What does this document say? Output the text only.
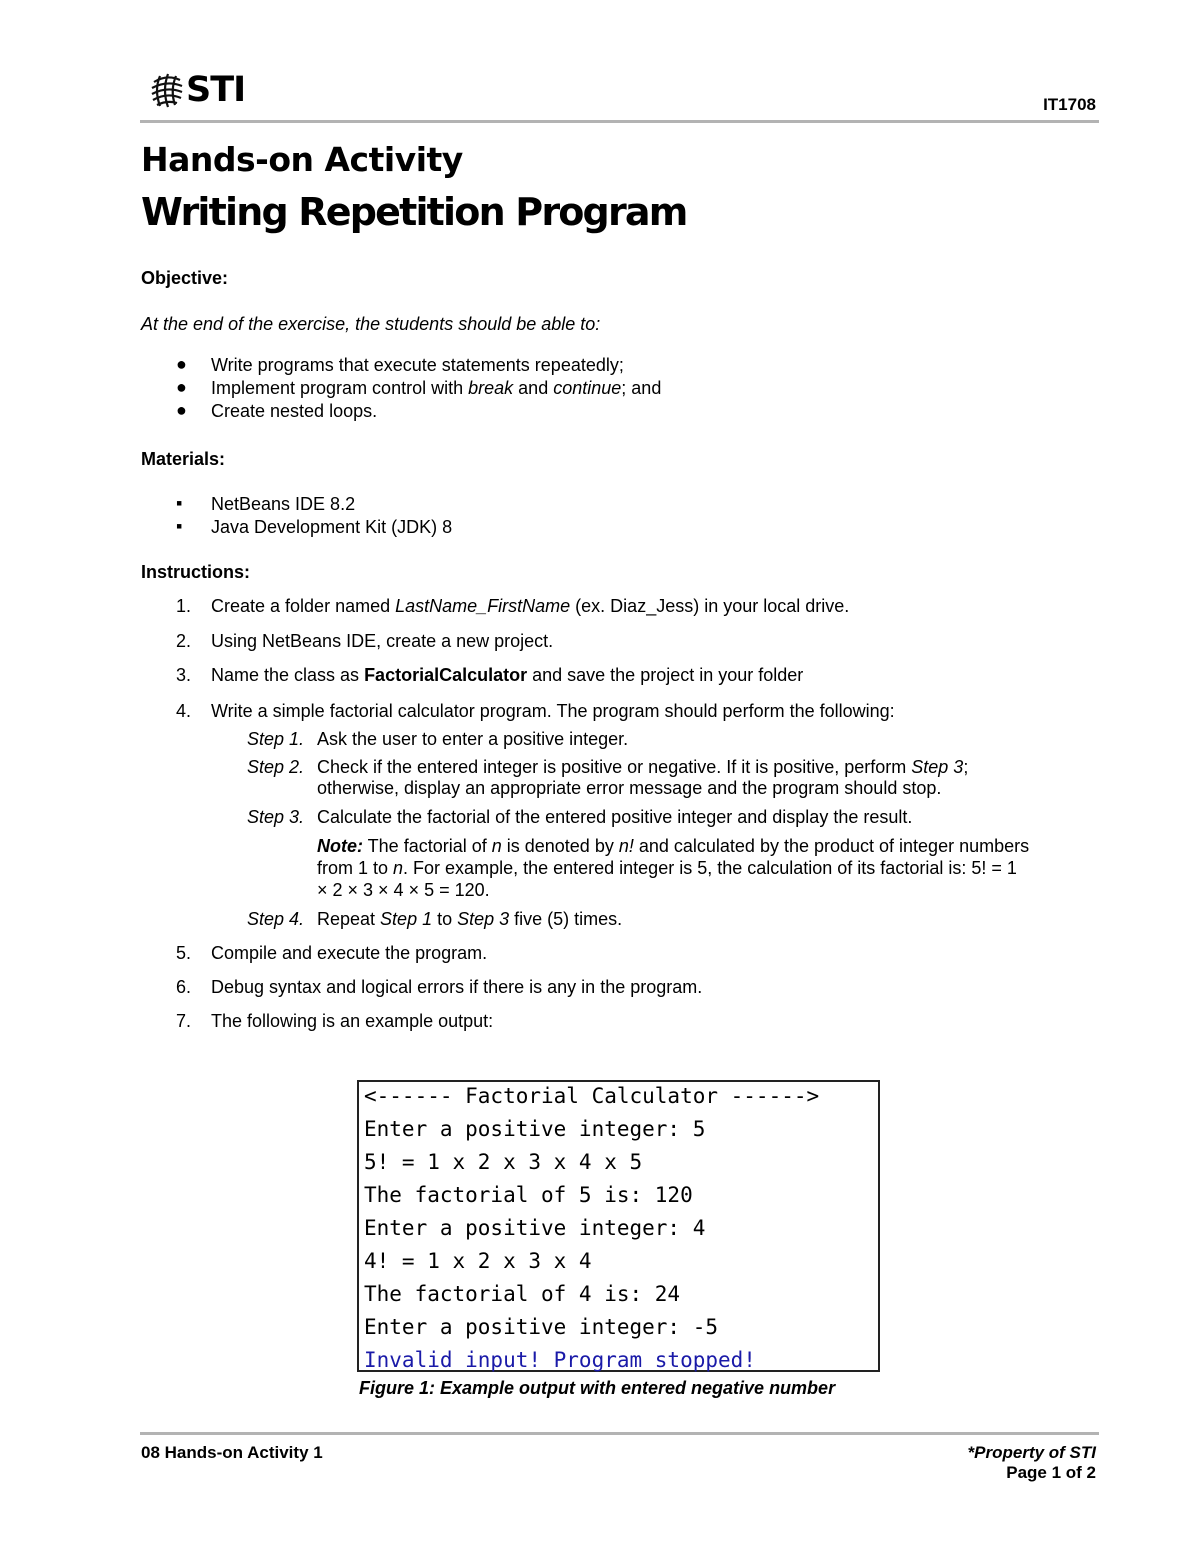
STI	IT1708
Hands-on Activity
Writing Repetition Program
Objective:
At the end of the exercise, the students should be able to:
● Write programs that execute statements repeatedly;
● Implement program control with break and continue; and
● Create nested loops.
Materials:
▪ NetBeans IDE 8.2
▪ Java Development Kit (JDK) 8
Instructions:
1. Create a folder named LastName_FirstName (ex. Diaz_Jess) in your local drive.
2. Using NetBeans IDE, create a new project.
3. Name the class as FactorialCalculator and save the project in your folder
4. Write a simple factorial calculator program. The program should perform the following:
Step 1. Ask the user to enter a positive integer.
Step 2. Check if the entered integer is positive or negative. If it is positive, perform Step 3;
otherwise, display an appropriate error message and the program should stop.
Step 3. Calculate the factorial of the entered positive integer and display the result.
Note: The factorial of n is denoted by n! and calculated by the product of integer numbers
from 1 to n. For example, the entered integer is 5, the calculation of its factorial is: 5! = 1
× 2 × 3 × 4 × 5 = 120.
Step 4. Repeat Step 1 to Step 3 five (5) times.
5. Compile and execute the program.
6. Debug syntax and logical errors if there is any in the program.
7. The following is an example output:
<------ Factorial Calculator ------>
Enter a positive integer: 5
5! = 1 x 2 x 3 x 4 x 5
The factorial of 5 is: 120
Enter a positive integer: 4
4! = 1 x 2 x 3 x 4
The factorial of 4 is: 24
Enter a positive integer: -5
Invalid input! Program stopped!
Figure 1: Example output with entered negative number
08 Hands-on Activity 1	*Property of STI
Page 1 of 2
